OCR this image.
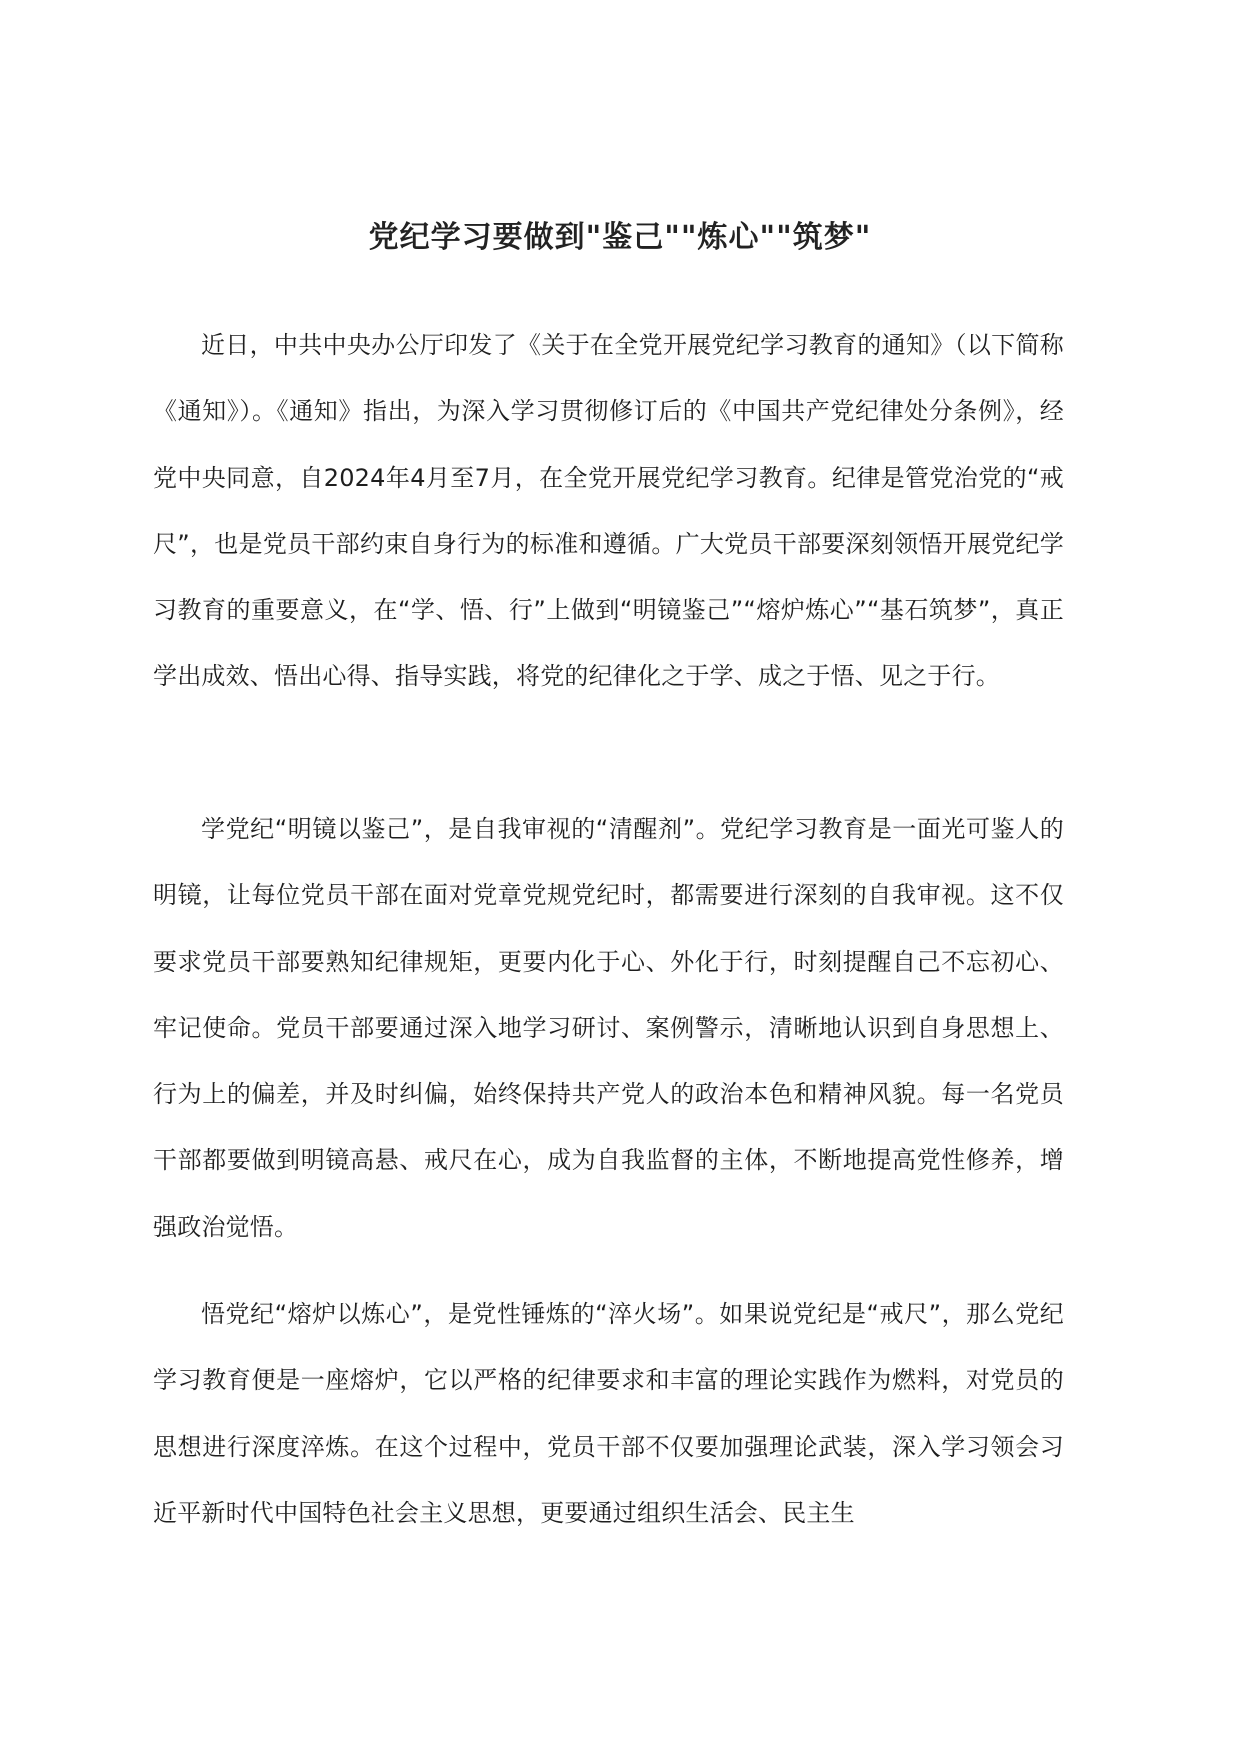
党纪学习要做到"鉴己""炼心""筑梦"

近日，中共中央办公厅印发了《关于在全党开展党纪学习教育的通知》（以下简称《通知》）。《通知》指出，为深入学习贯彻修订后的《中国共产党纪律处分条例》，经党中央同意，自2024年4月至7月，在全党开展党纪学习教育。纪律是管党治党的“戒尺”，也是党员干部约束自身行为的标准和遵循。广大党员干部要深刻领悟开展党纪学习教育的重要意义，在“学、悟、行”上做到“明镜鉴己”“熔炉炼心”“基石筑梦”，真正学出成效、悟出心得、指导实践，将党的纪律化之于学、成之于悟、见之于行。

学党纪“明镜以鉴己”，是自我审视的“清醒剂”。党纪学习教育是一面光可鉴人的明镜，让每位党员干部在面对党章党规党纪时，都需要进行深刻的自我审视。这不仅要求党员干部要熟知纪律规矩，更要内化于心、外化于行，时刻提醒自己不忘初心、牢记使命。党员干部要通过深入地学习研讨、案例警示，清晰地认识到自身思想上、行为上的偏差，并及时纠偏，始终保持共产党人的政治本色和精神风貌。每一名党员干部都要做到明镜高悬、戒尺在心，成为自我监督的主体，不断地提高党性修养，增强政治觉悟。

悟党纪“熔炉以炼心”，是党性锤炼的“淬火场”。如果说党纪是“戒尺”，那么党纪学习教育便是一座熔炉，它以严格的纪律要求和丰富的理论实践作为燃料，对党员的思想进行深度淬炼。在这个过程中，党员干部不仅要加强理论武装，深入学习领会习近平新时代中国特色社会主义思想，更要通过组织生活会、民主生
